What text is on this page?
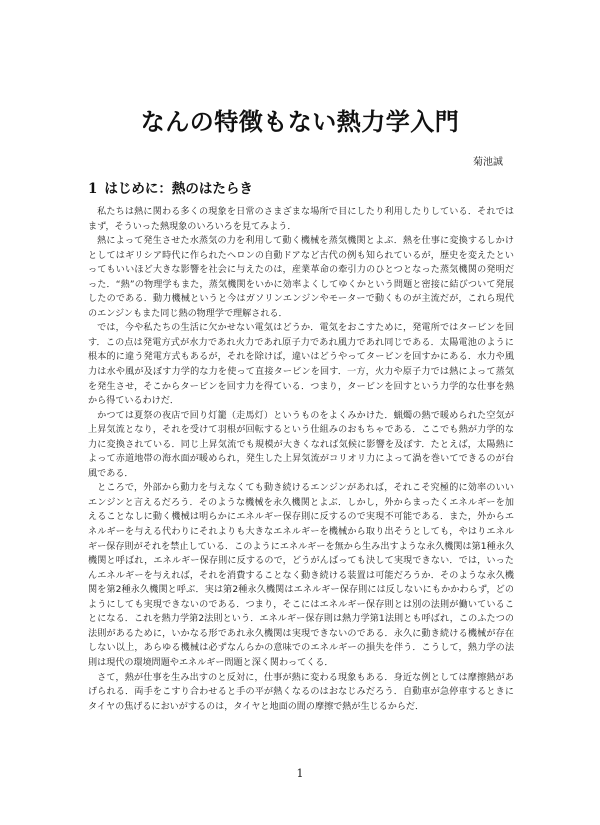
なんの特徴もない熱力学入門

菊池誠

1 はじめに：熱のはたらき

私たちは熱に関わる多くの現象を日常のさまざまな場所で目にしたり利用したりしている．それではまず，そういった熱現象のいろいろを見てみよう．

熱によって発生させた水蒸気の力を利用して動く機械を蒸気機関とよぶ．熱を仕事に変換するしかけとしてはギリシア時代に作られたヘロンの自動ドアなど古代の例も知られているが，歴史を変えたといってもいいほど大きな影響を社会に与えたのは，産業革命の牽引力のひとつとなった蒸気機関の発明だった．“熱”の物理学もまた，蒸気機関をいかに効率よくしてゆくかという問題と密接に結びついて発展したのである．動力機械というと今はガソリンエンジンやモーターで動くものが主流だが，これら現代のエンジンもまた同じ熱の物理学で理解される．

では，今や私たちの生活に欠かせない電気はどうか．電気をおこすために，発電所ではタービンを回す．この点は発電方式が水力であれ火力であれ原子力であれ風力であれ同じである．太陽電池のように根本的に違う発電方式もあるが，それを除けば，違いはどうやってタービンを回すかにある．水力や風力は水や風が及ぼす力学的な力を使って直接タービンを回す．一方，火力や原子力では熱によって蒸気を発生させ，そこからタービンを回す力を得ている．つまり，タービンを回すという力学的な仕事を熱から得ているわけだ．

かつては夏祭の夜店で回り灯籠（走馬灯）というものをよくみかけた．蝋燭の熱で暖められた空気が上昇気流となり，それを受けて羽根が回転するという仕組みのおもちゃである．ここでも熱が力学的な力に変換されている．同じ上昇気流でも規模が大きくなれば気候に影響を及ぼす．たとえば，太陽熱によって赤道地帯の海水面が暖められ，発生した上昇気流がコリオリ力によって渦を巻いてできるのが台風である．

ところで，外部から動力を与えなくても動き続けるエンジンがあれば，それこそ究極的に効率のいいエンジンと言えるだろう．そのような機械を永久機関とよぶ．しかし，外からまったくエネルギーを加えることなしに動く機械は明らかにエネルギー保存則に反するので実現不可能である．また，外からエネルギーを与える代わりにそれよりも大きなエネルギーを機械から取り出そうとしても，やはりエネルギー保存則がそれを禁止している．このようにエネルギーを無から生み出すような永久機関は第1種永久機関と呼ばれ，エネルギー保存則に反するので，どうがんばっても決して実現できない．では，いったんエネルギーを与えれば，それを消費することなく動き続ける装置は可能だろうか．そのような永久機関を第2種永久機関と呼ぶ．実は第2種永久機関はエネルギー保存則には反しないにもかかわらず，どのようにしても実現できないのである．つまり，そこにはエネルギー保存則とは別の法則が働いていることになる．これを熱力学第2法則という．エネルギー保存則は熱力学第1法則とも呼ばれ，このふたつの法則があるために，いかなる形であれ永久機関は実現できないのである．永久に動き続ける機械が存在しない以上，あらゆる機械は必ずなんらかの意味でのエネルギーの損失を伴う．こうして，熱力学の法則は現代の環境問題やエネルギー問題と深く関わってくる．

さて，熱が仕事を生み出すのと反対に，仕事が熱に変わる現象もある．身近な例としては摩擦熱があげられる．両手をこすり合わせると手の平が熱くなるのはおなじみだろう．自動車が急停車するときにタイヤの焦げるにおいがするのは，タイヤと地面の間の摩擦で熱が生じるからだ．

1
